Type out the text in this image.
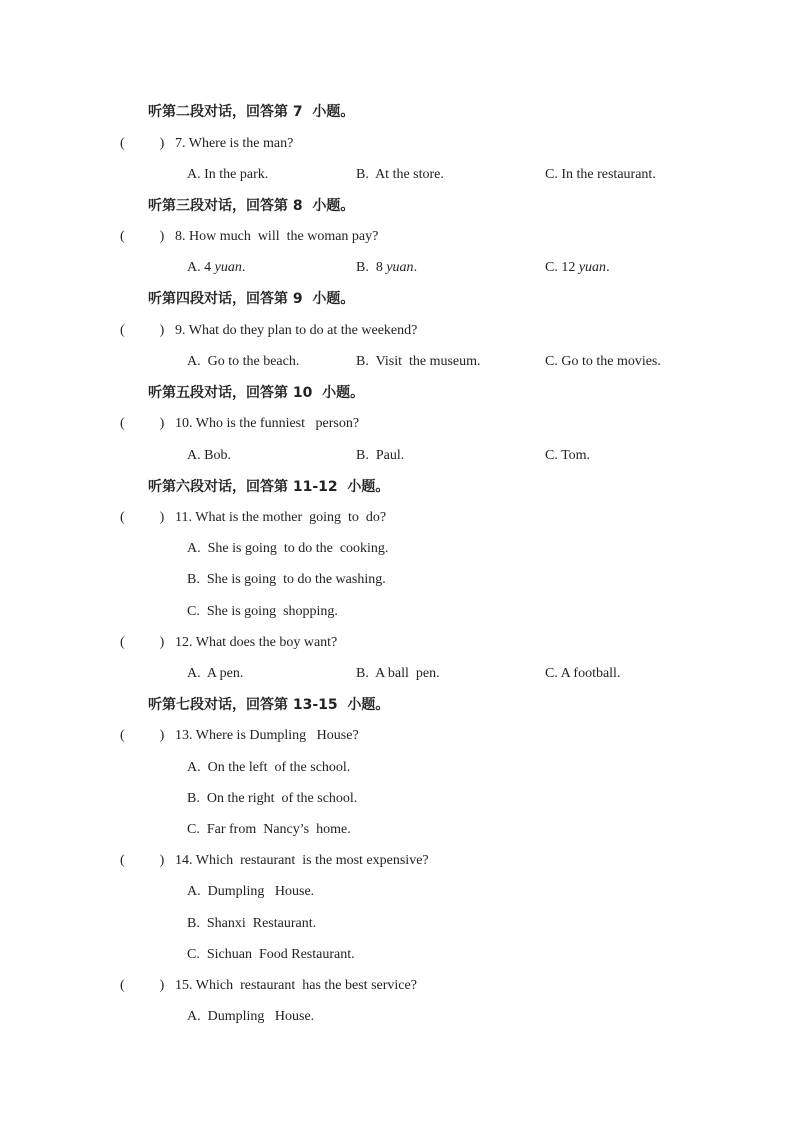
听第二段对话，回答第 7  小题。
(          ) 7. Where is the man?
A. In the park.	B.  At the store.	C. In the restaurant.
听第三段对话，回答第 8  小题。
(          ) 8. How much  will  the woman pay?
A. 4 yuan.	B.  8 yuan.	C. 12 yuan.
听第四段对话，回答第 9  小题。
(          ) 9. What do they plan to do at the weekend?
A.  Go to the beach.	B.  Visit  the museum.	C. Go to the movies.
听第五段对话，回答第 10  小题。
(          ) 10. Who is the funniest   person?
A. Bob.	B.  Paul.	C. Tom.
听第六段对话，回答第 11-12  小题。
(          ) 11. What is the mother  going  to  do?
A.  She is going  to do the  cooking.
B.  She is going  to do the washing.
C.  She is going  shopping.
(          ) 12. What does the boy want?
A.  A pen.	B.  A ball  pen.	C. A football.
听第七段对话，回答第 13-15  小题。
(          ) 13. Where is Dumpling   House?
A.  On the left  of the school.
B.  On the right  of the school.
C.  Far from  Nancy’s  home.
(          ) 14. Which  restaurant  is the most expensive?
A.  Dumpling   House.
B.  Shanxi  Restaurant.
C.  Sichuan  Food Restaurant.
(          ) 15. Which  restaurant  has the best service?
A.  Dumpling   House.
